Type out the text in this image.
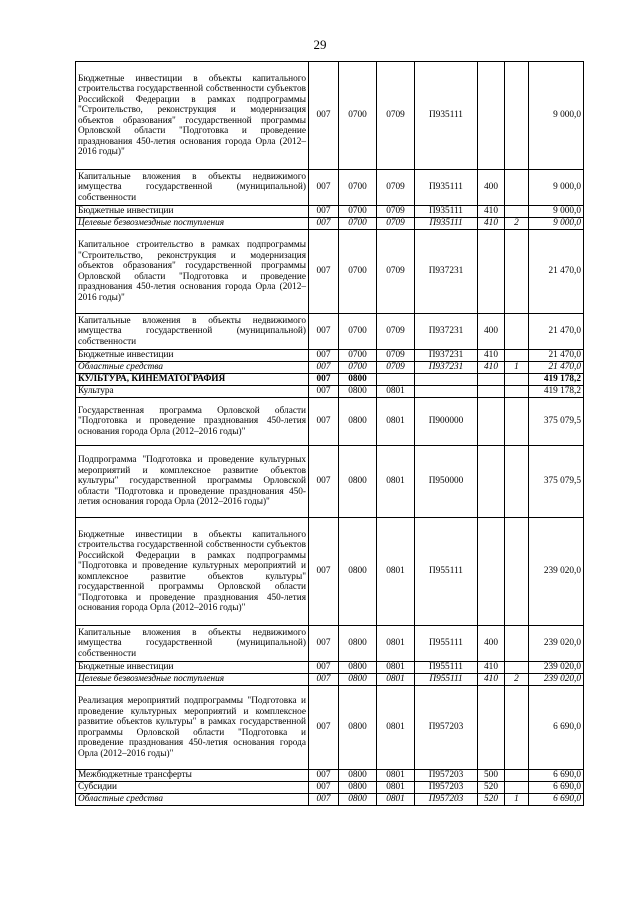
29
Бюджетные инвестиции в объекты капитального строительства государственной собственности субъектов Российской Федерации в рамках подпрограммы "Строительство, реконструкция и модернизация объектов образования" государственной программы Орловской области "Подготовка и проведение празднования 450-летия основания города Орла (2012–2016 годы)"	007	0700	0709	П935111			9 000,0
Капитальные вложения в объекты недвижимого имущества государственной (муниципальной) собственности	007	0700	0709	П935111	400		9 000,0
Бюджетные инвестиции	007	0700	0709	П935111	410		9 000,0
Целевые безвозмездные поступления	007	0700	0709	П935111	410	2	9 000,0
Капитальное строительство в рамках подпрограммы "Строительство, реконструкция и модернизация объектов образования" государственной программы Орловской области "Подготовка и проведение празднования 450-летия основания города Орла (2012–2016 годы)"	007	0700	0709	П937231			21 470,0
Капитальные вложения в объекты недвижимого имущества государственной (муниципальной) собственности	007	0700	0709	П937231	400		21 470,0
Бюджетные инвестиции	007	0700	0709	П937231	410		21 470,0
Областные средства	007	0700	0709	П937231	410	1	21 470,0
КУЛЬТУРА, КИНЕМАТОГРАФИЯ	007	0800					419 178,2
Культура	007	0800	0801				419 178,2
Государственная программа Орловской области "Подготовка и проведение празднования 450-летия основания города Орла (2012–2016 годы)"	007	0800	0801	П900000			375 079,5
Подпрограмма "Подготовка и проведение культурных мероприятий и комплексное развитие объектов культуры" государственной программы Орловской области "Подготовка и проведение празднования 450-летия основания города Орла (2012–2016 годы)"	007	0800	0801	П950000			375 079,5
Бюджетные инвестиции в объекты капитального строительства государственной собственности субъектов Российской Федерации в рамках подпрограммы "Подготовка и проведение культурных мероприятий и комплексное развитие объектов культуры" государственной программы Орловской области "Подготовка и проведение празднования 450-летия основания города Орла (2012–2016 годы)"	007	0800	0801	П955111			239 020,0
Капитальные вложения в объекты недвижимого имущества государственной (муниципальной) собственности	007	0800	0801	П955111	400		239 020,0
Бюджетные инвестиции	007	0800	0801	П955111	410		239 020,0
Целевые безвозмездные поступления	007	0800	0801	П955111	410	2	239 020,0
Реализация мероприятий подпрограммы "Подготовка и проведение культурных мероприятий и комплексное развитие объектов культуры" в рамках государственной программы Орловской области "Подготовка и проведение празднования 450-летия основания города Орла (2012–2016 годы)"	007	0800	0801	П957203			6 690,0
Межбюджетные трансферты	007	0800	0801	П957203	500		6 690,0
Субсидии	007	0800	0801	П957203	520		6 690,0
Областные средства	007	0800	0801	П957203	520	1	6 690,0
